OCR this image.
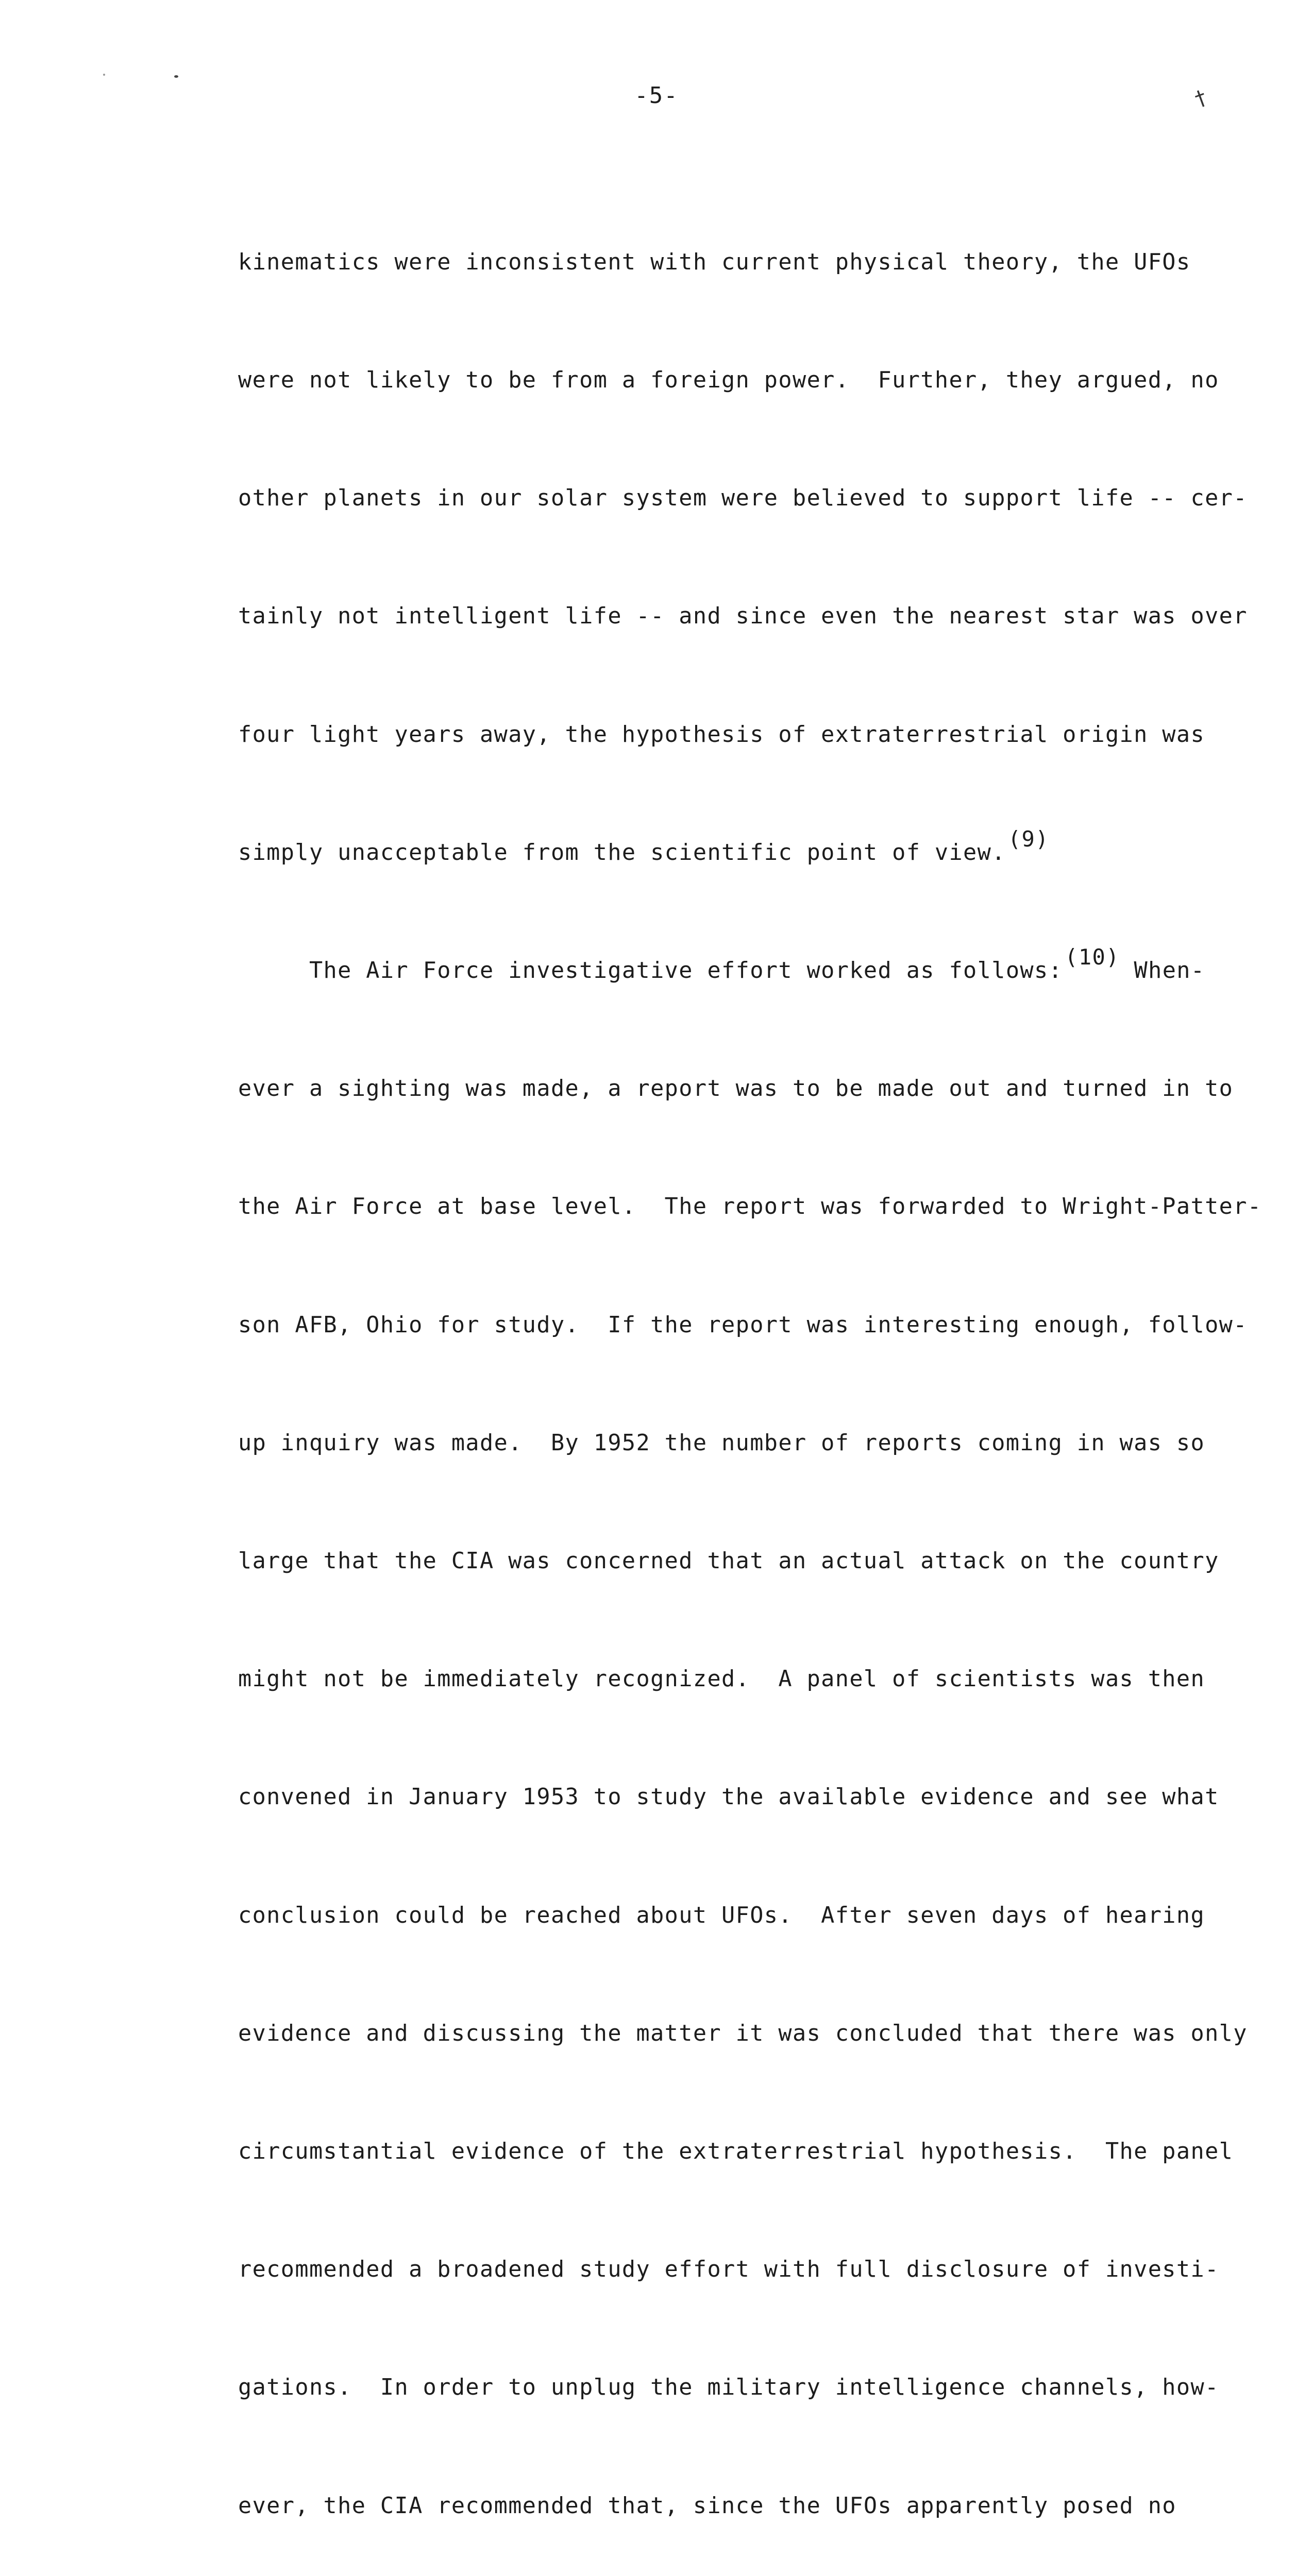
-5-	†

kinematics were inconsistent with current physical theory, the UFOs

were not likely to be from a foreign power.  Further, they argued, no

other planets in our solar system were believed to support life -- cer-

tainly not intelligent life -- and since even the nearest star was over

four light years away, the hypothesis of extraterrestrial origin was

simply unacceptable from the scientific point of view.(9)

The Air Force investigative effort worked as follows:(10) When-

ever a sighting was made, a report was to be made out and turned in to

the Air Force at base level.  The report was forwarded to Wright-Patter-

son AFB, Ohio for study.  If the report was interesting enough, follow-

up inquiry was made.  By 1952 the number of reports coming in was so

large that the CIA was concerned that an actual attack on the country

might not be immediately recognized.  A panel of scientists was then

convened in January 1953 to study the available evidence and see what

conclusion could be reached about UFOs.  After seven days of hearing

evidence and discussing the matter it was concluded that there was only

circumstantial evidence of the extraterrestrial hypothesis.  The panel

recommended a broadened study effort with full disclosure of investi-

gations.  In order to unplug the military intelligence channels, how-

ever, the CIA recommended that, since the UFOs apparently posed no
